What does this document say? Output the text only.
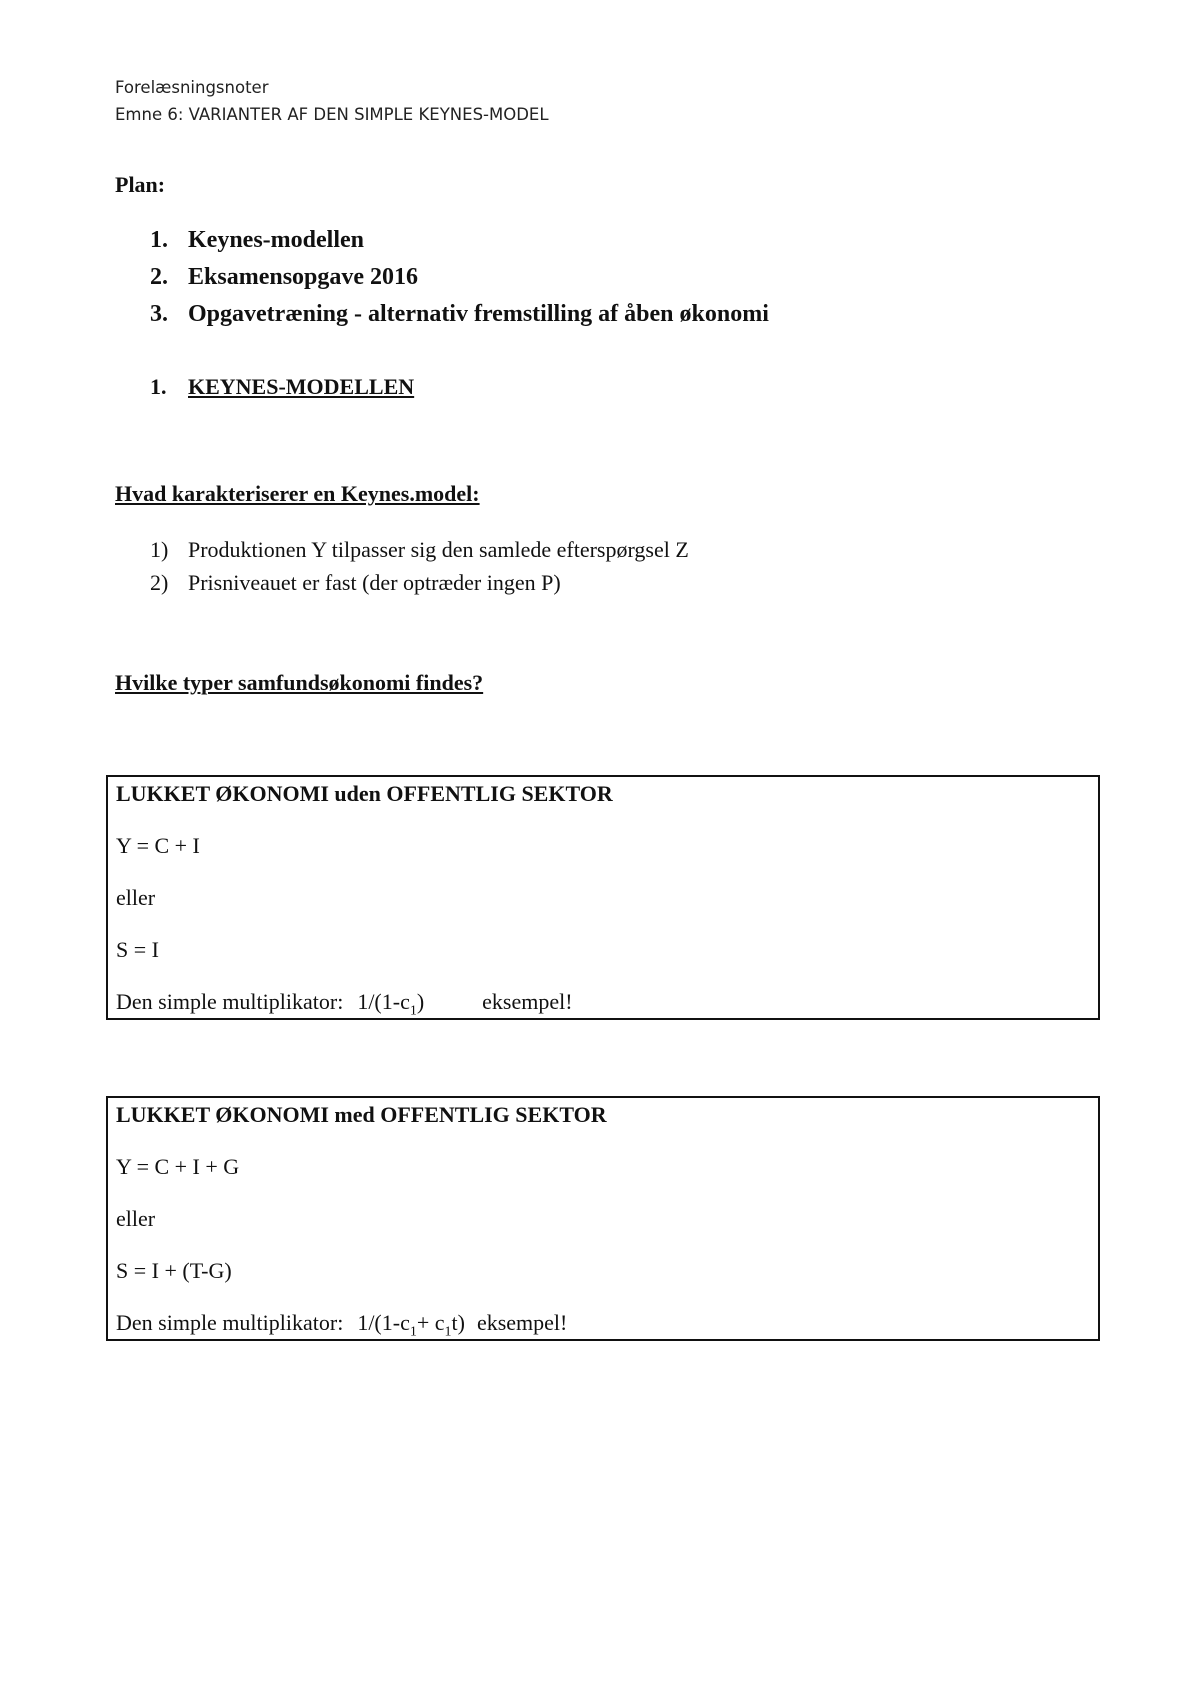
Forelæsningsnoter
Emne 6: VARIANTER AF DEN SIMPLE KEYNES-MODEL
Plan:
1. Keynes-modellen
2. Eksamensopgave 2016
3. Opgavetræning - alternativ fremstilling af åben økonomi
1. KEYNES-MODELLEN
Hvad karakteriserer en Keynes.model:
1) Produktionen Y tilpasser sig den samlede efterspørgsel Z
2) Prisniveauet er fast (der optræder ingen P)
Hvilke typer samfundsøkonomi findes?
LUKKET ØKONOMI uden OFFENTLIG SEKTOR
Y = C + I
eller
S = I
Den simple multiplikator: $1/(1-c_1)$	eksempel!
LUKKET ØKONOMI med OFFENTLIG SEKTOR
Y = C + I + G
eller
S = I + (T-G)
Den simple multiplikator: $1/(1-c_1+ c_1t)$ eksempel!
